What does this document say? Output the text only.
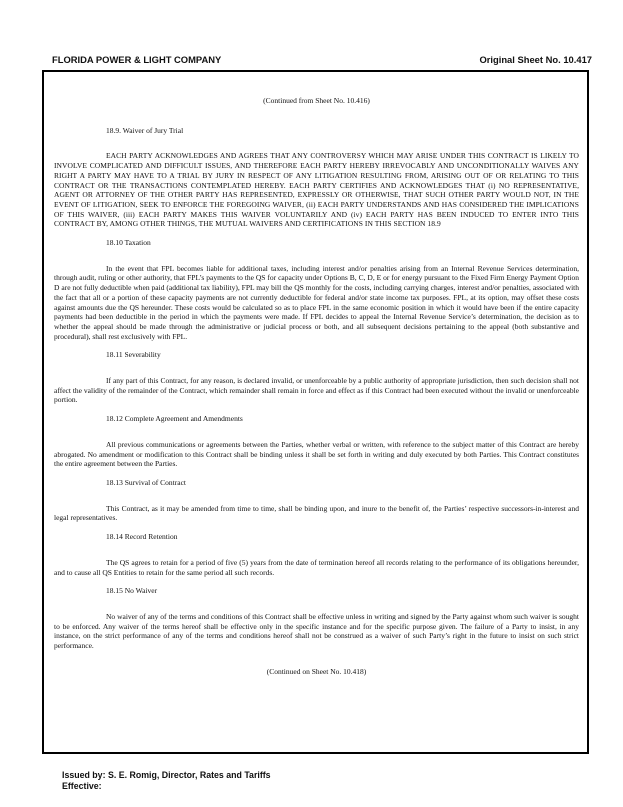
FLORIDA POWER & LIGHT COMPANY	Original Sheet No. 10.417

(Continued from Sheet No. 10.416)

18.9. Waiver of Jury Trial

EACH PARTY ACKNOWLEDGES AND AGREES THAT ANY CONTROVERSY WHICH MAY ARISE UNDER THIS CONTRACT IS LIKELY TO INVOLVE COMPLICATED AND DIFFICULT ISSUES, AND THEREFORE EACH PARTY HEREBY IRREVOCABLY AND UNCONDITIONALLY WAIVES ANY RIGHT A PARTY MAY HAVE TO A TRIAL BY JURY IN RESPECT OF ANY LITIGATION RESULTING FROM, ARISING OUT OF OR RELATING TO THIS CONTRACT OR THE TRANSACTIONS CONTEMPLATED HEREBY. EACH PARTY CERTIFIES AND ACKNOWLEDGES THAT (i) NO REPRESENTATIVE, AGENT OR ATTORNEY OF THE OTHER PARTY HAS REPRESENTED, EXPRESSLY OR OTHERWISE, THAT SUCH OTHER PARTY WOULD NOT, IN THE EVENT OF LITIGATION, SEEK TO ENFORCE THE FOREGOING WAIVER, (ii) EACH PARTY UNDERSTANDS AND HAS CONSIDERED THE IMPLICATIONS OF THIS WAIVER, (iii) EACH PARTY MAKES THIS WAIVER VOLUNTARILY AND (iv) EACH PARTY HAS BEEN INDUCED TO ENTER INTO THIS CONTRACT BY, AMONG OTHER THINGS, THE MUTUAL WAIVERS AND CERTIFICATIONS IN THIS SECTION 18.9

18.10 Taxation

In the event that FPL becomes liable for additional taxes, including interest and/or penalties arising from an Internal Revenue Services determination, through audit, ruling or other authority, that FPL’s payments to the QS for capacity under Options B, C, D, E or for energy pursuant to the Fixed Firm Energy Payment Option D are not fully deductible when paid (additional tax liability), FPL may bill the QS monthly for the costs, including carrying charges, interest and/or penalties, associated with the fact that all or a portion of these capacity payments are not currently deductible for federal and/or state income tax purposes. FPL, at its option, may offset these costs against amounts due the QS hereunder. These costs would be calculated so as to place FPL in the same economic position in which it would have been if the entire capacity payments had been deductible in the period in which the payments were made. If FPL decides to appeal the Internal Revenue Service’s determination, the decision as to whether the appeal should be made through the administrative or judicial process or both, and all subsequent decisions pertaining to the appeal (both substantive and procedural), shall rest exclusively with FPL.

18.11 Severability

If any part of this Contract, for any reason, is declared invalid, or unenforceable by a public authority of appropriate jurisdiction, then such decision shall not affect the validity of the remainder of the Contract, which remainder shall remain in force and effect as if this Contract had been executed without the invalid or unenforceable portion.

18.12 Complete Agreement and Amendments

All previous communications or agreements between the Parties, whether verbal or written, with reference to the subject matter of this Contract are hereby abrogated. No amendment or modification to this Contract shall be binding unless it shall be set forth in writing and duly executed by both Parties. This Contract constitutes the entire agreement between the Parties.

18.13 Survival of Contract

This Contract, as it may be amended from time to time, shall be binding upon, and inure to the benefit of, the Parties’ respective successors-in-interest and legal representatives.

18.14 Record Retention

The QS agrees to retain for a period of five (5) years from the date of termination hereof all records relating to the performance of its obligations hereunder, and to cause all QS Entities to retain for the same period all such records.

18.15 No Waiver

No waiver of any of the terms and conditions of this Contract shall be effective unless in writing and signed by the Party against whom such waiver is sought to be enforced. Any waiver of the terms hereof shall be effective only in the specific instance and for the specific purpose given. The failure of a Party to insist, in any instance, on the strict performance of any of the terms and conditions hereof shall not be construed as a waiver of such Party’s right in the future to insist on such strict performance.

(Continued on Sheet No. 10.418)

Issued by: S. E. Romig, Director, Rates and Tariffs
Effective:
